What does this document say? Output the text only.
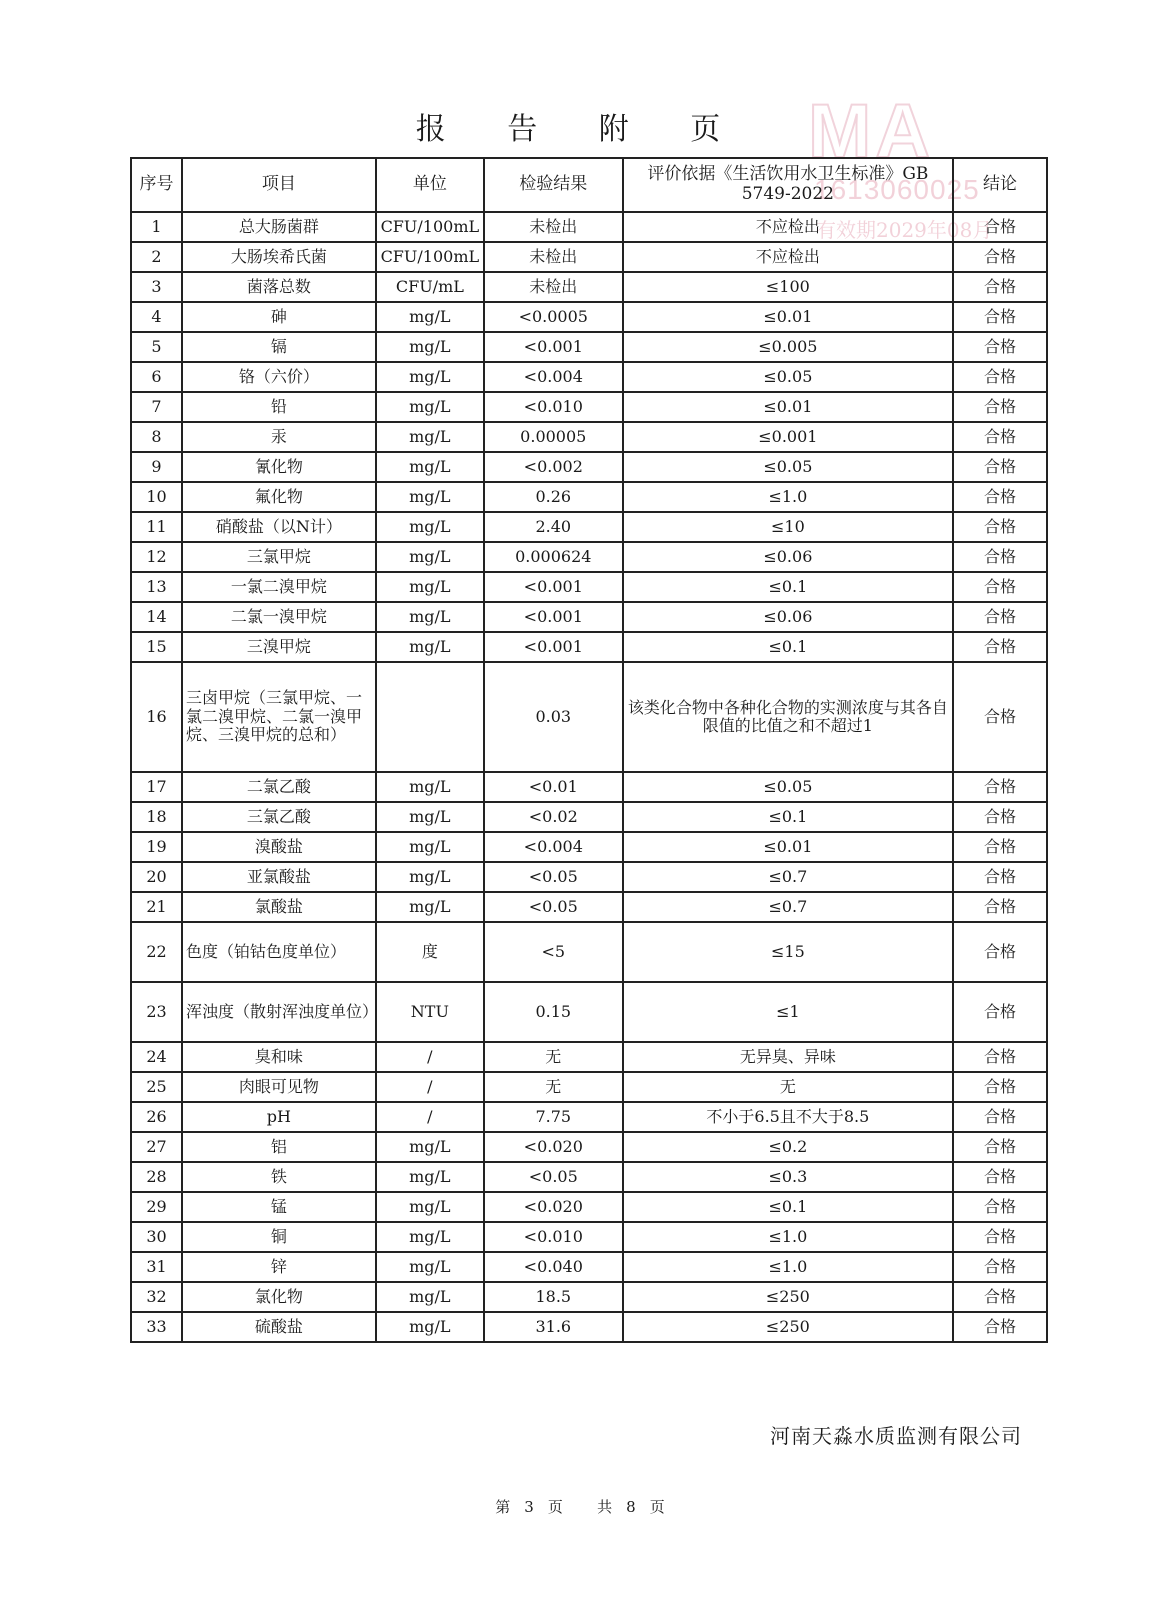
报 告 附 页 MA
1613060025
有效期2029年08月
序号	项目	单位	检验结果	评价依据《生活饮用水卫生标准》GB 5749-2022	结论
1	总大肠菌群	CFU/100mL	未检出	不应检出	合格
2	大肠埃希氏菌	CFU/100mL	未检出	不应检出	合格
3	菌落总数	CFU/mL	未检出	≤100	合格
4	砷	mg/L	<0.0005	≤0.01	合格
5	镉	mg/L	<0.001	≤0.005	合格
6	铬（六价）	mg/L	<0.004	≤0.05	合格
7	铅	mg/L	<0.010	≤0.01	合格
8	汞	mg/L	0.00005	≤0.001	合格
9	氰化物	mg/L	<0.002	≤0.05	合格
10	氟化物	mg/L	0.26	≤1.0	合格
11	硝酸盐（以N计）	mg/L	2.40	≤10	合格
12	三氯甲烷	mg/L	0.000624	≤0.06	合格
13	一氯二溴甲烷	mg/L	<0.001	≤0.1	合格
14	二氯一溴甲烷	mg/L	<0.001	≤0.06	合格
15	三溴甲烷	mg/L	<0.001	≤0.1	合格
16	三卤甲烷（三氯甲烷、一氯二溴甲烷、二氯一溴甲烷、三溴甲烷的总和）		0.03	该类化合物中各种化合物的实测浓度与其各自限值的比值之和不超过1	合格
17	二氯乙酸	mg/L	<0.01	≤0.05	合格
18	三氯乙酸	mg/L	<0.02	≤0.1	合格
19	溴酸盐	mg/L	<0.004	≤0.01	合格
20	亚氯酸盐	mg/L	<0.05	≤0.7	合格
21	氯酸盐	mg/L	<0.05	≤0.7	合格
22	色度（铂钴色度单位）	度	<5	≤15	合格
23	浑浊度（散射浑浊度单位）	NTU	0.15	≤1	合格
24	臭和味	/	无	无异臭、异味	合格
25	肉眼可见物	/	无	无	合格
26	pH	/	7.75	不小于6.5且不大于8.5	合格
27	铝	mg/L	<0.020	≤0.2	合格
28	铁	mg/L	<0.05	≤0.3	合格
29	锰	mg/L	<0.020	≤0.1	合格
30	铜	mg/L	<0.010	≤1.0	合格
31	锌	mg/L	<0.040	≤1.0	合格
32	氯化物	mg/L	18.5	≤250	合格
33	硫酸盐	mg/L	31.6	≤250	合格
河南天淼水质监测有限公司
第 3 页 共 8 页
